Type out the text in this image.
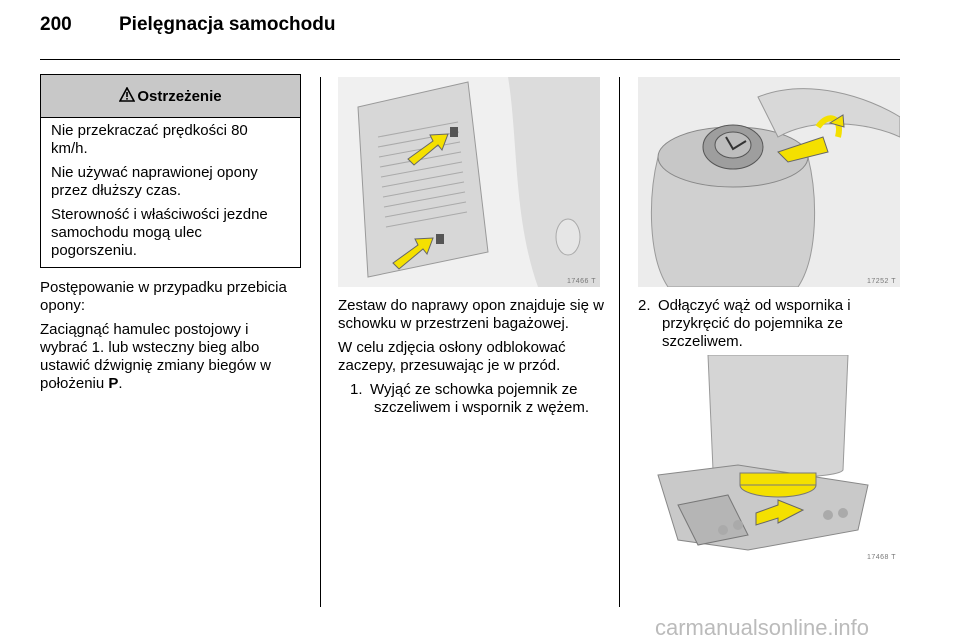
200 Pielęgnacja samochodu
Ostrzeżenie

Nie przekraczać prędkości 80 km/h.

Nie używać naprawionej opony przez dłuższy czas.

Sterowność i właściwości jezdne samochodu mogą ulec pogorszeniu.

Postępowanie w przypadku przebicia opony:

Zaciągnąć hamulec postojowy i wybrać 1. lub wsteczny bieg albo ustawić dźwignię zmiany biegów w położeniu P.

17466 T

Zestaw do naprawy opon znajduje się w schowku w przestrzeni bagażowej.

W celu zdjęcia osłony odblokować zaczepy, przesuwając je w przód.

1. Wyjąć ze schowka pojemnik ze szczeliwem i wspornik z wężem.

17252 T

2. Odłączyć wąż od wspornika i przykręcić do pojemnika ze szczeliwem.

17468 T
carmanualsonline.info
